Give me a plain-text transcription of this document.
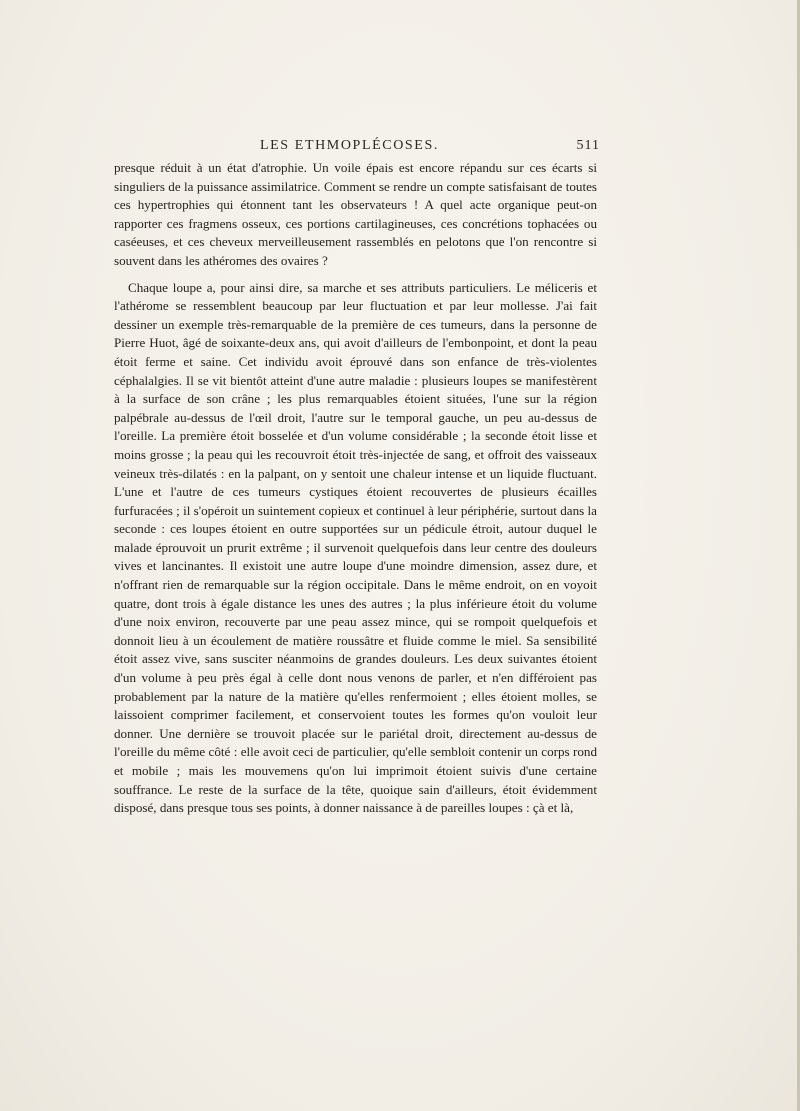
LES ETHMOPLÉCOSES.	511

presque réduit à un état d'atrophie. Un voile épais est encore répandu sur ces écarts si singuliers de la puissance assimilatrice. Comment se rendre un compte satisfaisant de toutes ces hypertrophies qui étonnent tant les observateurs ! A quel acte organique peut-on rapporter ces fragmens osseux, ces portions cartilagineuses, ces concrétions tophacées ou caséeuses, et ces cheveux merveilleusement rassemblés en pelotons que l'on rencontre si souvent dans les athéromes des ovaires ?

Chaque loupe a, pour ainsi dire, sa marche et ses attributs particuliers. Le méliceris et l'athérome se ressemblent beaucoup par leur fluctuation et par leur mollesse. J'ai fait dessiner un exemple très-remarquable de la première de ces tumeurs, dans la personne de Pierre Huot, âgé de soixante-deux ans, qui avoit d'ailleurs de l'embonpoint, et dont la peau étoit ferme et saine. Cet individu avoit éprouvé dans son enfance de très-violentes céphalalgies. Il se vit bientôt atteint d'une autre maladie : plusieurs loupes se manifestèrent à la surface de son crâne ; les plus remarquables étoient situées, l'une sur la région palpébrale au-dessus de l'œil droit, l'autre sur le temporal gauche, un peu au-dessus de l'oreille. La première étoit bosselée et d'un volume considérable ; la seconde étoit lisse et moins grosse ; la peau qui les recouvroit étoit très-injectée de sang, et offroit des vaisseaux veineux très-dilatés : en la palpant, on y sentoit une chaleur intense et un liquide fluctuant. L'une et l'autre de ces tumeurs cystiques étoient recouvertes de plusieurs écailles furfuracées ; il s'opéroit un suintement copieux et continuel à leur périphérie, surtout dans la seconde : ces loupes étoient en outre supportées sur un pédicule étroit, autour duquel le malade éprouvoit un prurit extrême ; il survenoit quelquefois dans leur centre des douleurs vives et lancinantes. Il existoit une autre loupe d'une moindre dimension, assez dure, et n'offrant rien de remarquable sur la région occipitale. Dans le même endroit, on en voyoit quatre, dont trois à égale distance les unes des autres ; la plus inférieure étoit du volume d'une noix environ, recouverte par une peau assez mince, qui se rompoit quelquefois et donnoit lieu à un écoulement de matière roussâtre et fluide comme le miel. Sa sensibilité étoit assez vive, sans susciter néanmoins de grandes douleurs. Les deux suivantes étoient d'un volume à peu près égal à celle dont nous venons de parler, et n'en différoient pas probablement par la nature de la matière qu'elles renfermoient ; elles étoient molles, se laissoient comprimer facilement, et conservoient toutes les formes qu'on vouloit leur donner. Une dernière se trouvoit placée sur le pariétal droit, directement au-dessus de l'oreille du même côté : elle avoit ceci de particulier, qu'elle sembloit contenir un corps rond et mobile ; mais les mouvemens qu'on lui imprimoit étoient suivis d'une certaine souffrance. Le reste de la surface de la tête, quoique sain d'ailleurs, étoit évidemment disposé, dans presque tous ses points, à donner naissance à de pareilles loupes : çà et là,
